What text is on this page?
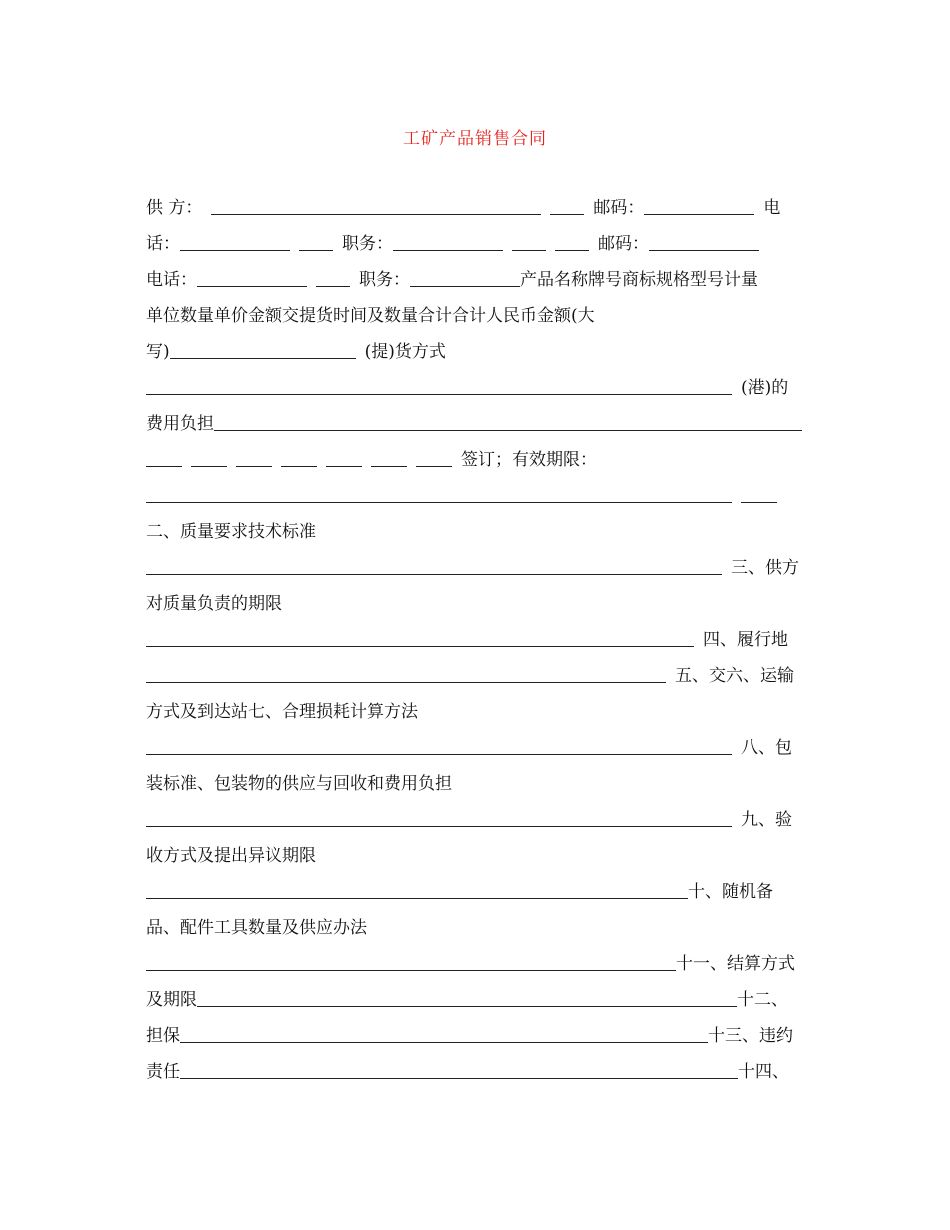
工矿产品销售合同
供 方：	邮码：	电
话：	职务：	邮码：
电话：	职务：	产品名称牌号商标规格型号计量
单位数量单价金额交提货时间及数量合计合计人民币金额(大
写)	(提)货方式
(港)的
费用负担
签订；有效期限：
二、质量要求技术标准
三、供方
对质量负责的期限
四、履行地
五、交六、运输
方式及到达站七、合理损耗计算方法
八、包
装标准、包装物的供应与回收和费用负担
九、验
收方式及提出异议期限
十、随机备
品、配件工具数量及供应办法
十一、结算方式
及期限	十二、
担保	十三、违约
责任	十四、
